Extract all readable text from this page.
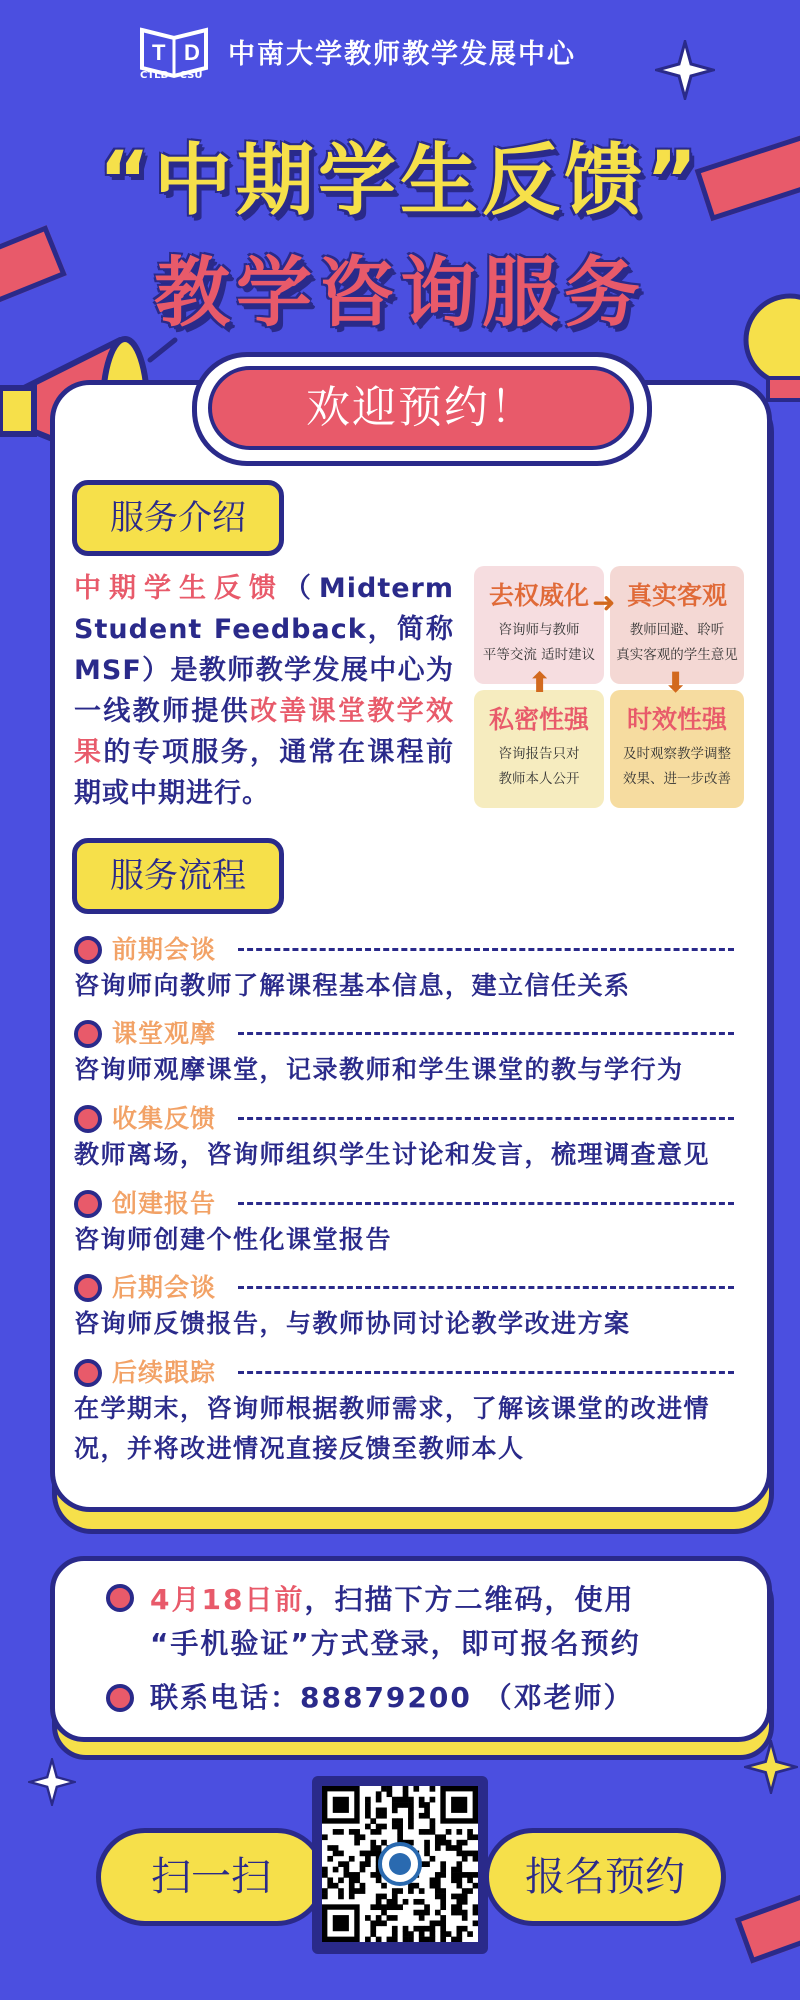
T D
CTLD · CSU
中南大学教师教学发展中心
“中期学生反馈”
教学咨询服务
欢迎预约！
服务介绍
中期学生反馈（Midterm Student Feedback，简称MSF）是教师教学发展中心为一线教师提供改善课堂教学效果的专项服务，通常在课程前期或中期进行。
去权威化
咨询师与教师
平等交流 适时建议
真实客观
教师回避、聆听
真实客观的学生意见
私密性强
咨询报告只对
教师本人公开
时效性强
及时观察教学调整
效果、进一步改善
➜
⬇
⬆
服务流程
前期会谈
咨询师向教师了解课程基本信息，建立信任关系
课堂观摩
咨询师观摩课堂，记录教师和学生课堂的教与学行为
收集反馈
教师离场，咨询师组织学生讨论和发言，梳理调查意见
创建报告
咨询师创建个性化课堂报告
后期会谈
咨询师反馈报告，与教师协同讨论教学改进方案
后续跟踪
在学期末，咨询师根据教师需求，了解该课堂的改进情况，并将改进情况直接反馈至教师本人
4月18日前，扫描下方二维码，使用
“手机验证”方式登录，即可报名预约
联系电话：88879200 （邓老师）
扫一扫	报名预约
